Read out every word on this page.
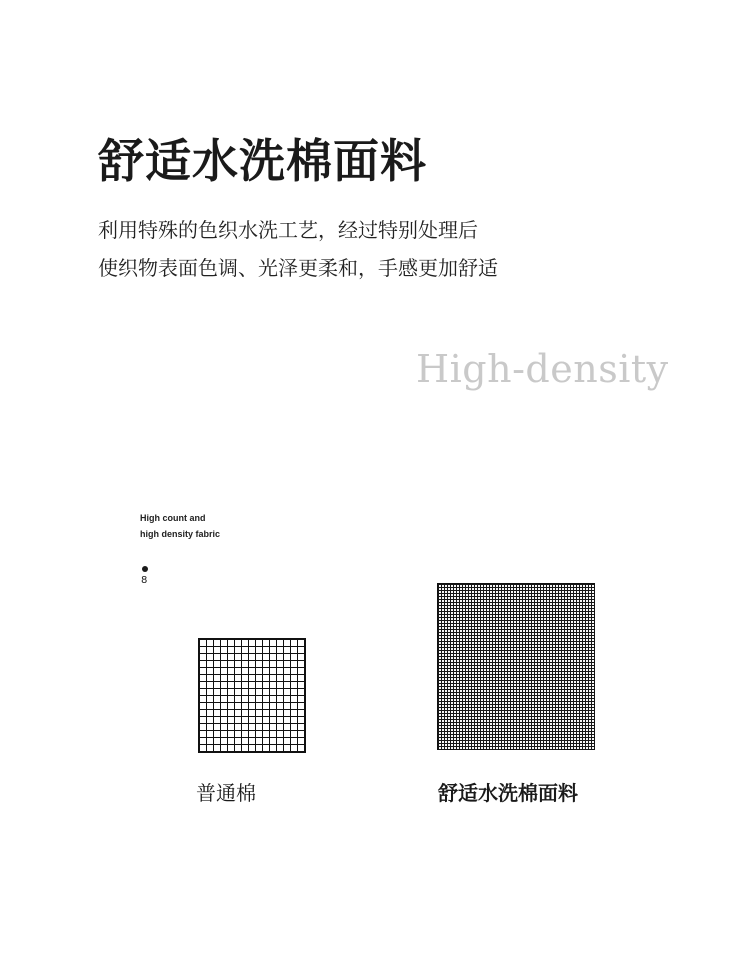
舒适水洗棉面料
利用特殊的色织水洗工艺，经过特别处理后
使织物表面色调、光泽更柔和，手感更加舒适
High-density
High count and
high density fabric
8
普通棉	舒适水洗棉面料
